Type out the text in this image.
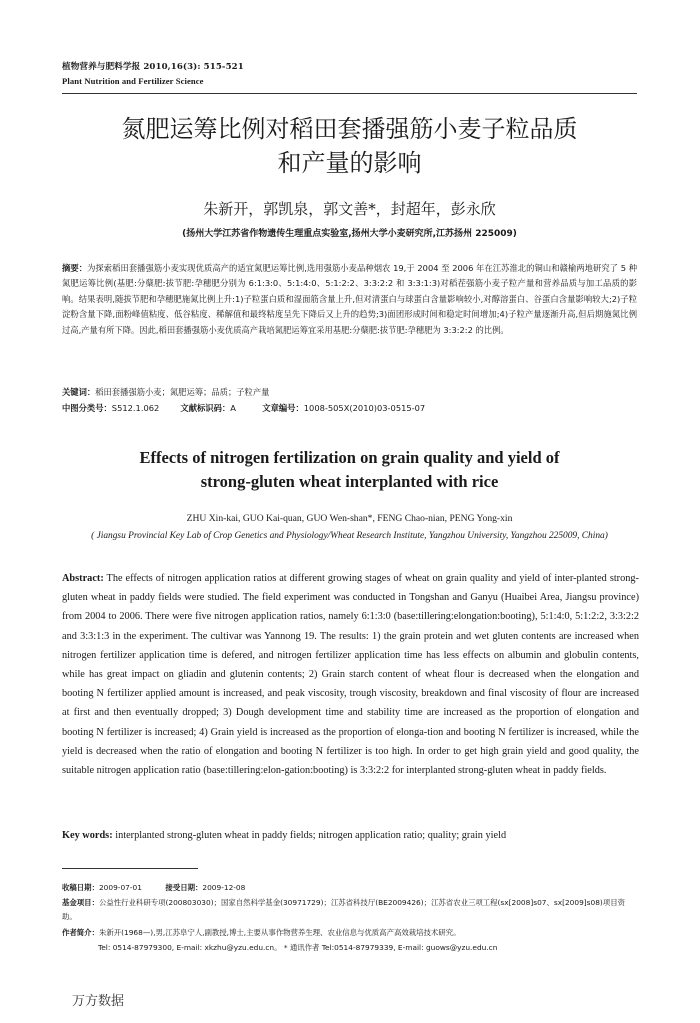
植物营养与肥料学报 2010,16(3): 515-521
Plant Nutrition and Fertilizer Science
氮肥运筹比例对稻田套播强筋小麦子粒品质
和产量的影响
朱新开，郭凯泉，郭文善*，封超年，彭永欣
(扬州大学江苏省作物遗传生理重点实验室,扬州大学小麦研究所,江苏扬州 225009)
摘要：为探索稻田套播强筋小麦实现优质高产的适宜氮肥运筹比例,选用强筋小麦品种烟农 19,于 2004 至 2006 年在江苏淮北的铜山和赣榆两地研究了 5 种氮肥运筹比例(基肥:分蘖肥:拔节肥:孕穗肥分别为 6:1:3:0、5:1:4:0、5:1:2:2、3:3:2:2 和 3:3:1:3)对稻茬强筋小麦子粒产量和营养品质与加工品质的影响。结果表明,随拔节肥和孕穗肥施氮比例上升:1)子粒蛋白质和湿面筋含量上升,但对清蛋白与球蛋白含量影响较小,对醇溶蛋白、谷蛋白含量影响较大;2)子粒淀粉含量下降,面粉峰值粘度、低谷粘度、稀解值和最终粘度呈先下降后又上升的趋势;3)面团形成时间和稳定时间增加;4)子粒产量逐渐升高,但后期施氮比例过高,产量有所下降。因此,稻田套播强筋小麦优质高产栽培氮肥运筹宜采用基肥:分蘖肥:拔节肥:孕穗肥为 3:3:2:2 的比例。
关键词：稻田套播强筋小麦；氮肥运筹；品质；子粒产量
中图分类号：S512.1.062	文献标识码：A	文章编号：1008-505X(2010)03-0515-07
Effects of nitrogen fertilization on grain quality and yield of
strong-gluten wheat interplanted with rice
ZHU Xin-kai, GUO Kai-quan, GUO Wen-shan*, FENG Chao-nian, PENG Yong-xin
( Jiangsu Provincial Key Lab of Crop Genetics and Physiology/Wheat Research Institute, Yangzhou University, Yangzhou 225009, China)
Abstract: The effects of nitrogen application ratios at different growing stages of wheat on grain quality and yield of inter-planted strong-gluten wheat in paddy fields were studied. The field experiment was conducted in Tongshan and Ganyu (Huaibei Area, Jiangsu province) from 2004 to 2006. There were five nitrogen application ratios, namely 6:1:3:0 (base:tillering:elongation:booting), 5:1:4:0, 5:1:2:2, 3:3:2:2 and 3:3:1:3 in the experiment. The cultivar was Yannong 19. The results: 1) the grain protein and wet gluten contents are increased when nitrogen fertilizer application time is defered, and nitrogen fertilizer application time has less effects on albumin and globulin contents, while has great impact on gliadin and glutenin contents; 2) Grain starch content of wheat flour is decreased when the elongation and booting N fertilizer applied amount is increased, and peak viscosity, trough viscosity, breakdown and final viscosity of flour are increased at first and then eventually dropped; 3) Dough development time and stability time are increased as the proportion of elongation and booting N fertilizer is increased; 4) Grain yield is increased as the proportion of elonga-tion and booting N fertilizer is increased, while the yield is decreased when the ratio of elongation and booting N fertilizer is too high. In order to get high grain yield and good quality, the suitable nitrogen application ratio (base:tillering:elon-gation:booting) is 3:3:2:2 for interplanted strong-gluten wheat in paddy fields.
Key words: interplanted strong-gluten wheat in paddy fields; nitrogen application ratio; quality; grain yield
收稿日期：2009-07-01	接受日期：2009-12-08
基金项目：公益性行业科研专项(200803030)；国家自然科学基金(30971729)；江苏省科技厅(BE2009426)；江苏省农业三项工程(sx[2008]s07、sx[2009]s08)项目资助。
作者简介：朱新开(1968—),男,江苏阜宁人,副教授,博士,主要从事作物营养生理、农业信息与优质高产高效栽培技术研究。
Tel: 0514-87979300, E-mail: xkzhu@yzu.edu.cn。 * 通讯作者 Tel:0514-87979339, E-mail: guows@yzu.edu.cn
万方数据
